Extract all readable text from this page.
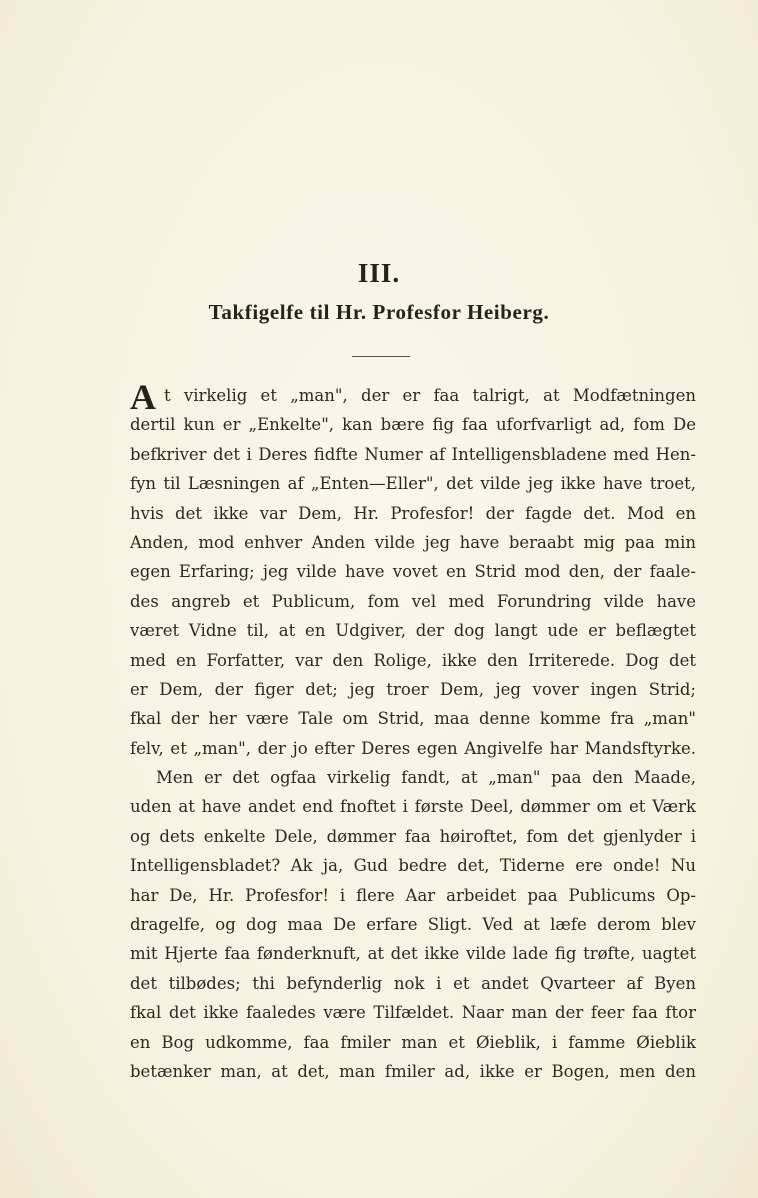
III.
Takfigelfe til Hr. Profesfor Heiberg.
A t virkelig et „man", der er faa talrigt, at Modfætningen
dertil kun er „Enkelte", kan bære fig faa uforfvarligt ad, fom De
befkriver det i Deres fidfte Numer af Intelligensbladene med Hen-
fyn til Læsningen af „Enten—Eller", det vilde jeg ikke have troet,
hvis det ikke var Dem, Hr. Profesfor! der fagde det. Mod en
Anden, mod enhver Anden vilde jeg have beraabt mig paa min
egen Erfaring; jeg vilde have vovet en Strid mod den, der faale-
des angreb et Publicum, fom vel med Forundring vilde have
været Vidne til, at en Udgiver, der dog langt ude er beflægtet
med en Forfatter, var den Rolige, ikke den Irriterede. Dog det
er Dem, der figer det; jeg troer Dem, jeg vover ingen Strid;
fkal der her være Tale om Strid, maa denne komme fra „man"
felv, et „man", der jo efter Deres egen Angivelfe har Mandsftyrke.
Men er det ogfaa virkelig fandt, at „man" paa den Maade,
uden at have andet end fnoftet i første Deel, dømmer om et Værk
og dets enkelte Dele, dømmer faa høiroftet, fom det gjenlyder i
Intelligensbladet? Ak ja, Gud bedre det, Tiderne ere onde! Nu
har De, Hr. Profesfor! i flere Aar arbeidet paa Publicums Op-
dragelfe, og dog maa De erfare Sligt. Ved at læfe derom blev
mit Hjerte faa fønderknuft, at det ikke vilde lade fig trøfte, uagtet
det tilbødes; thi befynderlig nok i et andet Qvarteer af Byen
fkal det ikke faaledes være Tilfældet. Naar man der feer faa ftor
en Bog udkomme, faa fmiler man et Øieblik, i famme Øieblik
betænker man, at det, man fmiler ad, ikke er Bogen, men den
